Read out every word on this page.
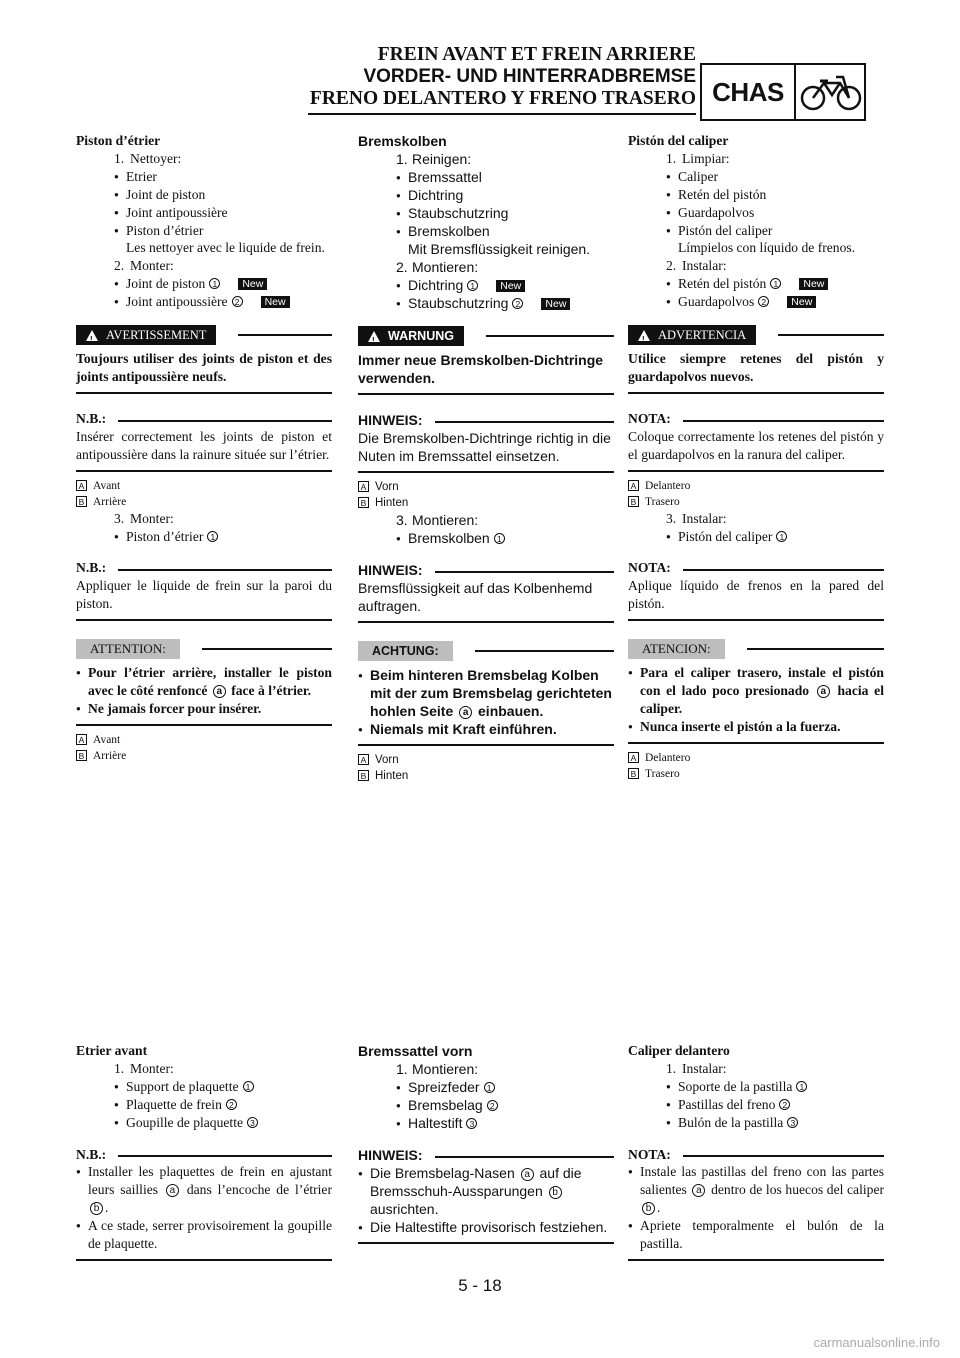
FREIN AVANT ET FREIN ARRIERE
VORDER- UND HINTERRADBREMSE
FRENO DELANTERO Y FRENO TRASERO CHAS
Piston d’étrier
1. Nettoyer:
● Etrier
● Joint de piston
● Joint antipoussière
● Piston d’étrier
Les nettoyer avec le liquide de frein.
2. Monter:
● Joint de piston 1 New
● Joint antipoussière 2 New
!
AVERTISSEMENT
Toujours utiliser des joints de piston et des joints antipoussière neufs.
N.B.:
Insérer correctement les joints de piston et antipoussière dans la rainure située sur l’étrier.
A Avant
B Arrière
3. Monter:
● Piston d’étrier 1
N.B.:
Appliquer le liquide de frein sur la paroi du piston.
ATTENTION:
● Pour l’étrier arrière, installer le piston avec le côté renfoncé a face à l’étrier.
● Ne jamais forcer pour insérer.
A Avant
B Arrière
Bremskolben
1. Reinigen:
● Bremssattel
● Dichtring
● Staubschutzring
● Bremskolben
Mit Bremsflüssigkeit reinigen.
2. Montieren:
● Dichtring 1 New
● Staubschutzring 2 New
!
WARNUNG
Immer neue Bremskolben-Dichtringe verwenden.
HINWEIS:
Die Bremskolben-Dichtringe richtig in die Nuten im Bremssattel einsetzen.
A Vorn
B Hinten
3. Montieren:
● Bremskolben 1
HINWEIS:
Bremsflüssigkeit auf das Kolbenhemd auftragen.
ACHTUNG:
● Beim hinteren Bremsbelag Kolben mit der zum Bremsbelag gerichteten hohlen Seite a einbauen.
● Niemals mit Kraft einführen.
A Vorn
B Hinten
Pistón del caliper
1. Limpiar:
● Caliper
● Retén del pistón
● Guardapolvos
● Pistón del caliper
Límpielos con líquido de frenos.
2. Instalar:
● Retén del pistón 1 New
● Guardapolvos 2 New
!
ADVERTENCIA
Utilice siempre retenes del pistón y guardapolvos nuevos.
NOTA:
Coloque correctamente los retenes del pistón y el guardapolvos en la ranura del caliper.
A Delantero
B Trasero
3. Instalar:
● Pistón del caliper 1
NOTA:
Aplique líquido de frenos en la pared del pistón.
ATENCION:
● Para el caliper trasero, instale el pistón con el lado poco presionado a hacia el caliper.
● Nunca inserte el pistón a la fuerza.
A Delantero
B Trasero
Etrier avant
1. Monter:
● Support de plaquette 1
● Plaquette de frein 2
● Goupille de plaquette 3
N.B.:
● Installer les plaquettes de frein en ajustant leurs saillies a dans l’encoche de l’étrier b .
● A ce stade, serrer provisoirement la goupille de plaquette.
Bremssattel vorn
1. Montieren:
● Spreizfeder 1
● Bremsbelag 2
● Haltestift 3
HINWEIS:
● Die Bremsbelag-Nasen a auf die Bremsschuh-Aussparungen b ausrichten.
● Die Haltestifte provisorisch festziehen.
Caliper delantero
1. Instalar:
● Soporte de la pastilla 1
● Pastillas del freno 2
● Bulón de la pastilla 3
NOTA:
● Instale las pastillas del freno con las partes salientes a dentro de los huecos del caliper b .
● Apriete temporalmente el bulón de la pastilla.
5 - 18
carmanualsonline.info
